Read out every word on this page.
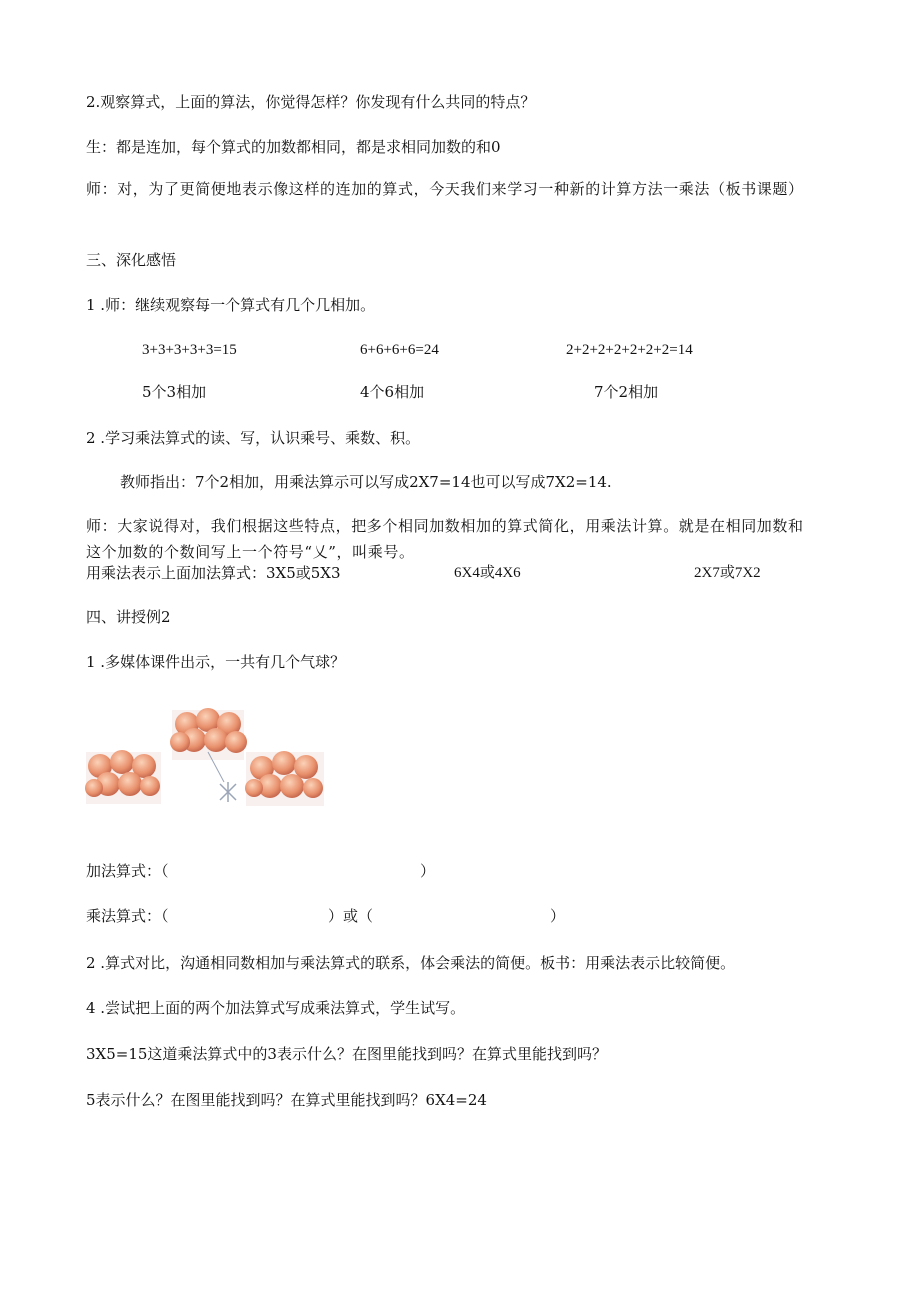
2.观察算式，上面的算法，你觉得怎样？你发现有什么共同的特点？
生：都是连加，每个算式的加数都相同，都是求相同加数的和0
师：对，为了更简便地表示像这样的连加的算式，今天我们来学习一种新的计算方法一乘法（板书课题）
三、深化感悟
1 .师：继续观察每一个算式有几个几相加。
3+3+3+3+3=15	6+6+6+6=24	2+2+2+2+2+2+2=14
5个3相加	4个6相加	7个2相加
2 .学习乘法算式的读、写，认识乘号、乘数、积。
教师指出：7个2相加，用乘法算示可以写成2X7=14也可以写成7X2=14.
师：大家说得对，我们根据这些特点，把多个相同加数相加的算式简化，用乘法计算。就是在相同加数和这个加数的个数间写上一个符号“乂”，叫乘号。
用乘法表示上面加法算式：3X5或5X3	6X4或4X6	2X7或7X2
四、讲授例2
1 .多媒体课件出示，一共有几个气球？
加法算式：（	）
乘法算式：（	）或（	）
2 .算式对比，沟通相同数相加与乘法算式的联系，体会乘法的简便。板书：用乘法表示比较简便。
4 .尝试把上面的两个加法算式写成乘法算式，学生试写。
3X5=15这道乘法算式中的3表示什么？在图里能找到吗？在算式里能找到吗？
5表示什么？在图里能找到吗？在算式里能找到吗？6X4=24
